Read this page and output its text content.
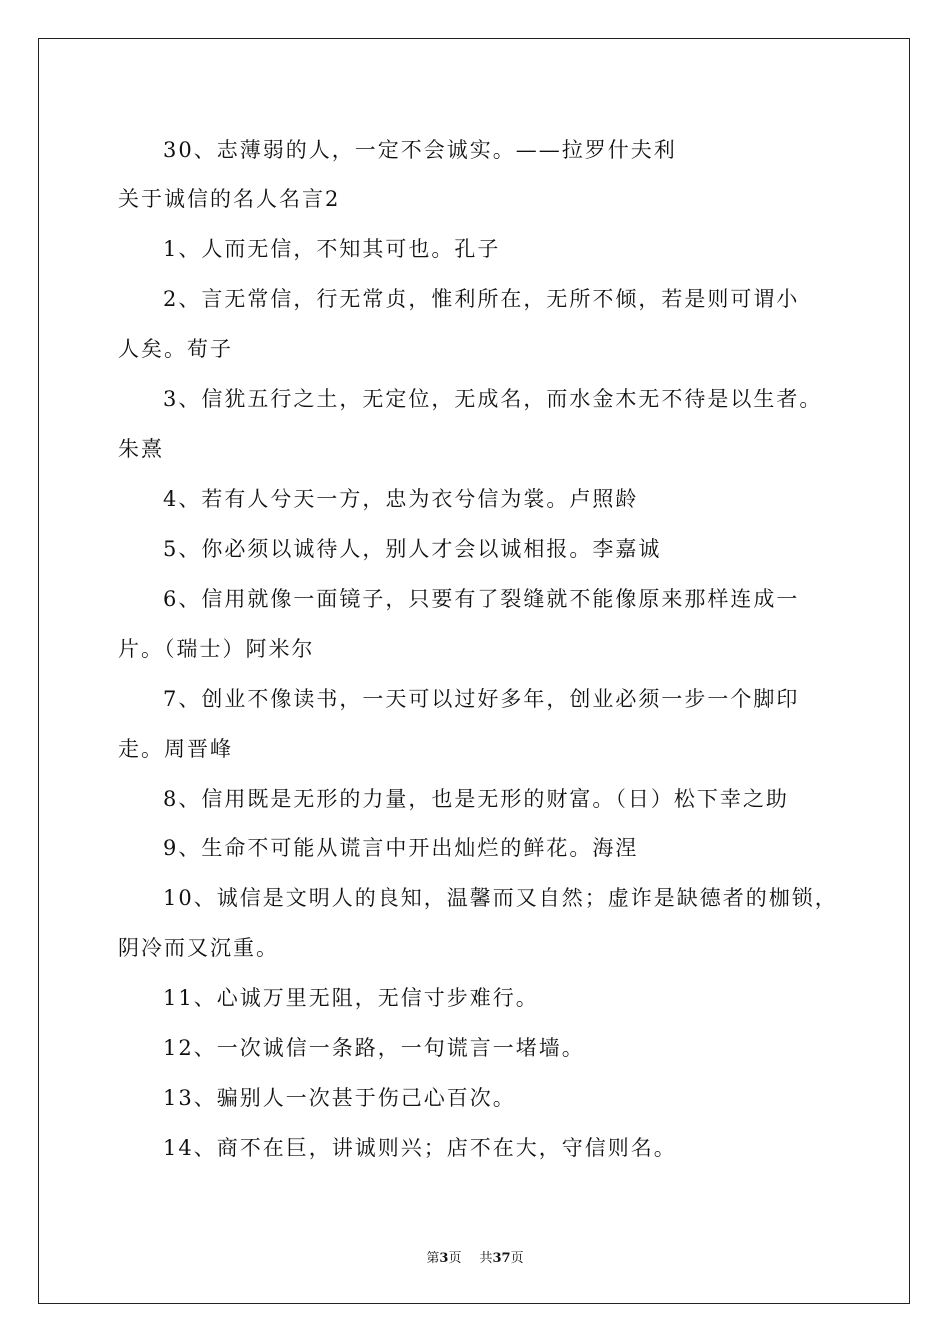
30、志薄弱的人，一定不会诚实。——拉罗什夫利
关于诚信的名人名言2
1、人而无信，不知其可也。孔子
2、言无常信，行无常贞，惟利所在，无所不倾，若是则可谓小
人矣。荀子
3、信犹五行之土，无定位，无成名，而水金木无不待是以生者。
朱熹
4、若有人兮天一方，忠为衣兮信为裳。卢照龄
5、你必须以诚待人，别人才会以诚相报。李嘉诚
6、信用就像一面镜子，只要有了裂缝就不能像原来那样连成一
片。（瑞士）阿米尔
7、创业不像读书，一天可以过好多年，创业必须一步一个脚印
走。周晋峰
8、信用既是无形的力量，也是无形的财富。（日）松下幸之助
9、生命不可能从谎言中开出灿烂的鲜花。海涅
10、诚信是文明人的良知，温馨而又自然；虚诈是缺德者的枷锁，
阴冷而又沉重。
11、心诚万里无阻，无信寸步难行。
12、一次诚信一条路，一句谎言一堵墙。
13、骗别人一次甚于伤己心百次。
14、商不在巨，讲诚则兴；店不在大，守信则名。
第3页 共37页
